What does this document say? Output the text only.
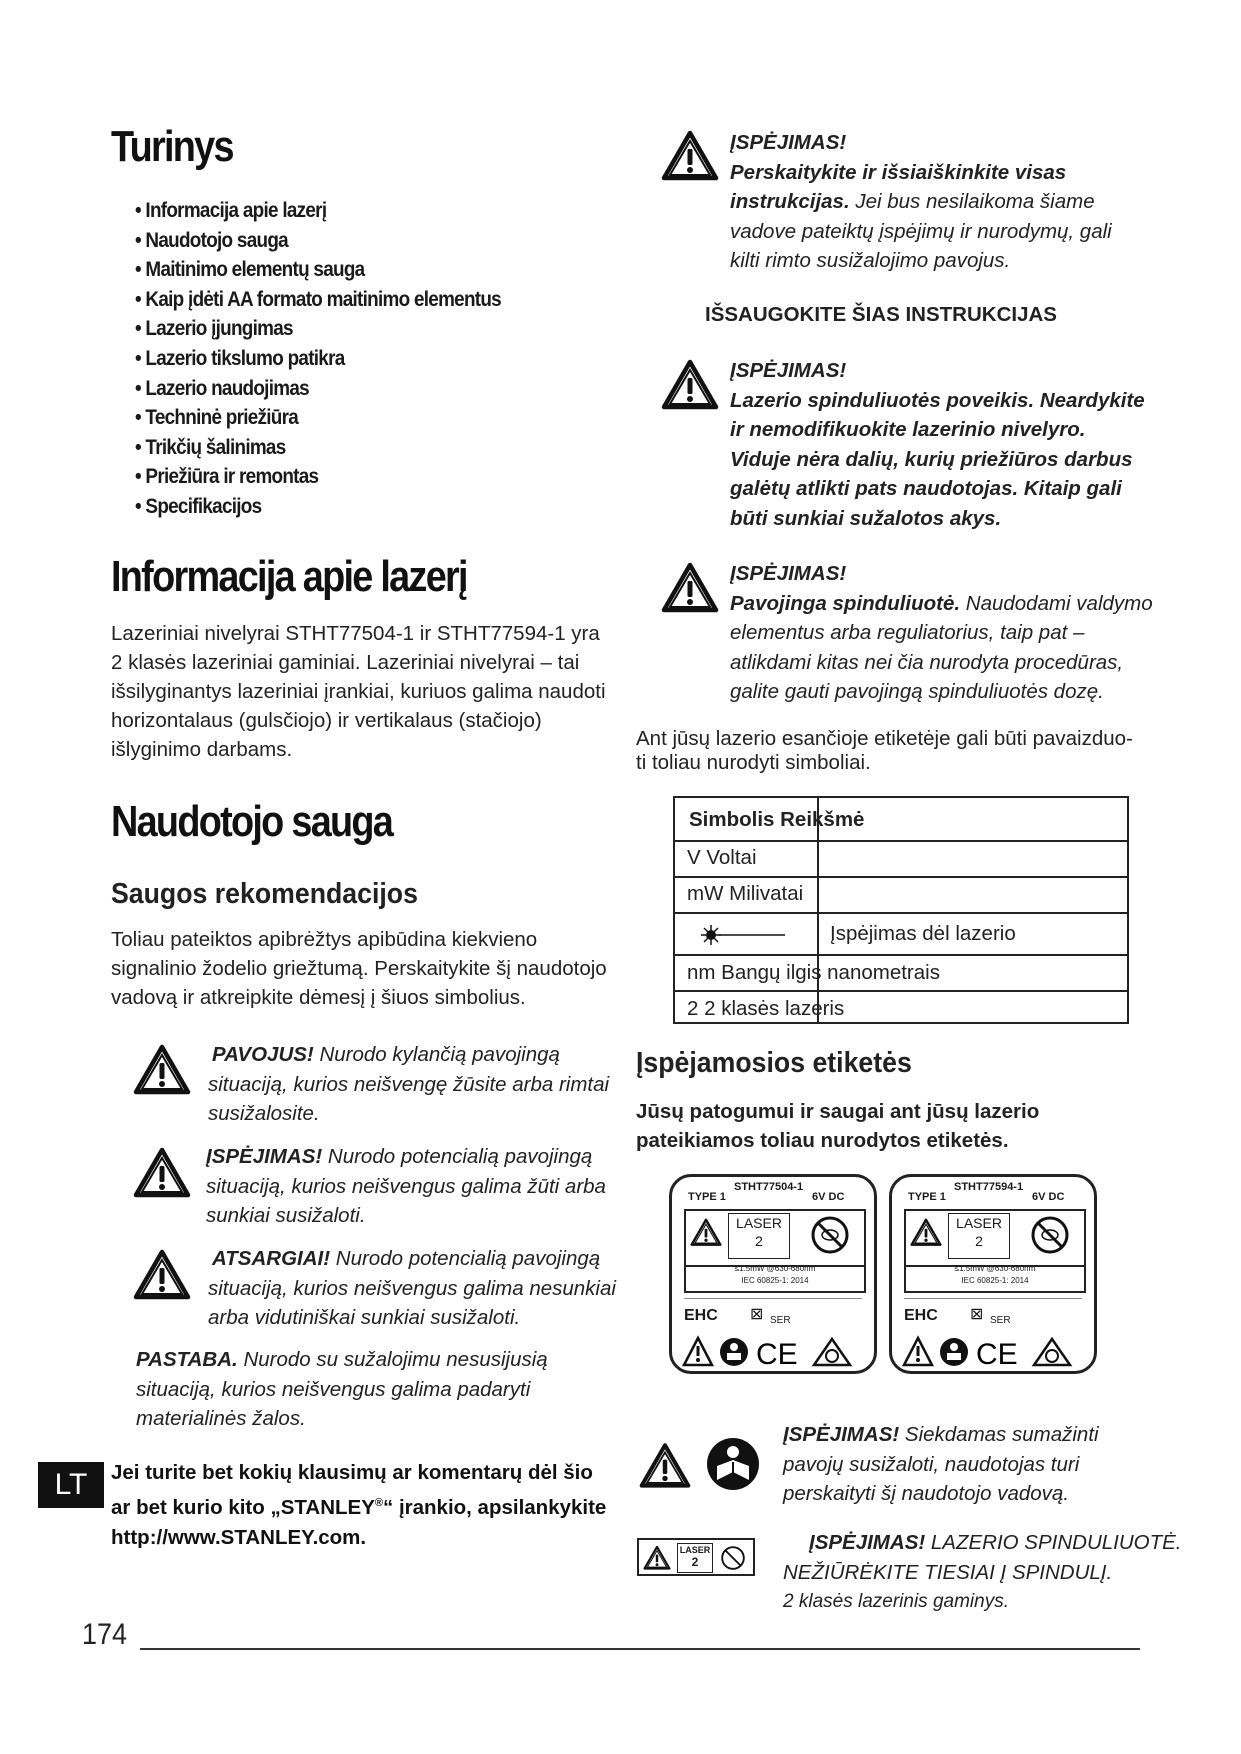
Turinys
• Informacija apie lazerį
• Naudotojo sauga
• Maitinimo elementų sauga
• Kaip įdėti AA formato maitinimo elementus
• Lazerio įjungimas
• Lazerio tikslumo patikra
• Lazerio naudojimas
• Techninė priežiūra
• Trikčių šalinimas
• Priežiūra ir remontas
• Specifikacijos
Informacija apie lazerį
Lazeriniai nivelyrai STHT77504-1 ir STHT77594-1 yra
2 klasės lazeriniai gaminiai. Lazeriniai nivelyrai – tai
išsilyginantys lazeriniai įrankiai, kuriuos galima naudoti
horizontalaus (gulsčiojo) ir vertikalaus (stačiojo)
išlyginimo darbams.
Naudotojo sauga
Saugos rekomendacijos
Toliau pateiktos apibrėžtys apibūdina kiekvieno
signalinio žodelio griežtumą. Perskaitykite šį naudotojo
vadovą ir atkreipkite dėmesį į šiuos simbolius.
PAVOJUS! Nurodo kylančią pavojingą
situaciją, kurios neišvengę žūsite arba rimtai
susižalosite.
ĮSPĖJIMAS! Nurodo potencialią pavojingą
situaciją, kurios neišvengus galima žūti arba
sunkiai susižaloti.
ATSARGIAI! Nurodo potencialią pavojingą
situaciją, kurios neišvengus galima nesunkiai
arba vidutiniškai sunkiai susižaloti.
PASTABA. Nurodo su sužalojimu nesusijusią
situaciją, kurios neišvengus galima padaryti
materialinės žalos.
LT	Jei turite bet kokių klausimų ar komentarų dėl šio
ar bet kurio kito „STANLEY®“ įrankio, apsilankykite
http://www.STANLEY.com.
174
ĮSPĖJIMAS!
Perskaitykite ir išsiaiškinkite visas
instrukcijas. Jei bus nesilaikoma šiame
vadove pateiktų įspėjimų ir nurodymų, gali
kilti rimto susižalojimo pavojus.
IŠSAUGOKITE ŠIAS INSTRUKCIJAS
ĮSPĖJIMAS!
Lazerio spinduliuotės poveikis. Neardykite
ir nemodifikuokite lazerinio nivelyro.
Viduje nėra dalių, kurių priežiūros darbus
galėtų atlikti pats naudotojas. Kitaip gali
būti sunkiai sužalotos akys.
ĮSPĖJIMAS!
Pavojinga spinduliuotė. Naudodami valdymo
elementus arba reguliatorius, taip pat –
atlikdami kitas nei čia nurodyta procedūras,
galite gauti pavojingą spinduliuotės dozę.
Ant jūsų lazerio esančioje etiketėje gali būti pavaizduo-
ti toliau nurodyti simboliai.
Simbolis Reikšmė
V Voltai
mW Milivatai
Įspėjimas dėl lazerio
nm Bangų ilgis nanometrais
2 2 klasės lazeris
Įspėjamosios etiketės
Jūsų patogumui ir saugai ant jūsų lazerio
pateikiamos toliau nurodytos etiketės.
STHT77504-1
TYPE 1	6V DC
LASER
2
≤1.5mW @630-680nm
IEC 60825-1: 2014
ЕНС ⊠ SER
CE
STHT77594-1
TYPE 1	6V DC
LASER
2
≤1.5mW @630-680nm
IEC 60825-1: 2014
ЕНС ⊠ SER
CE
ĮSPĖJIMAS! Siekdamas sumažinti
pavojų susižaloti, naudotojas turi
perskaityti šį naudotojo vadovą.
LASER
2
ĮSPĖJIMAS! LAZERIO SPINDULIUOTĖ.
NEŽIŪRĖKITE TIESIAI Į SPINDULĮ.
2 klasės lazerinis gaminys.
